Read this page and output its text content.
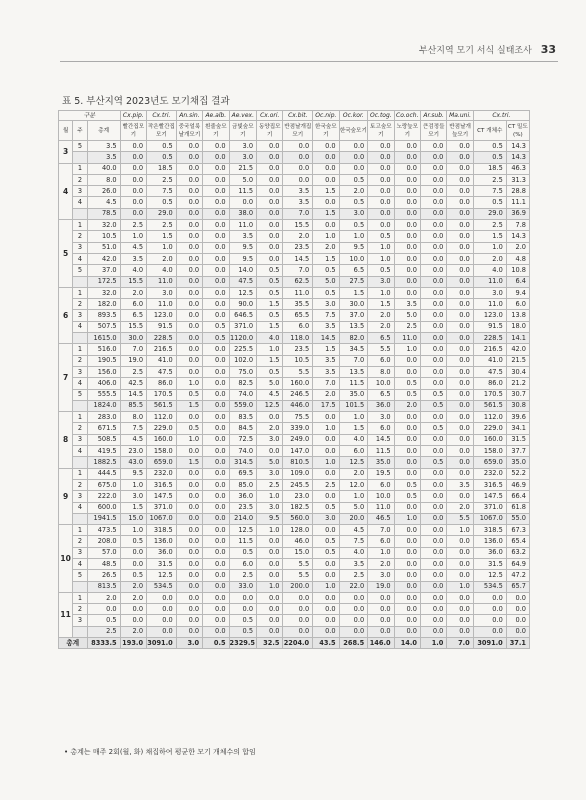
부산지역 모기 서식 실태조사 33
표 5. 부산지역 2023년도 모기채집 결과
구분			Cx.pip.	Cx.tri.	An.sin.	Ae.alb.	Ae.vex.	Cx.ori.	Cx.bit.	Oc.nip.	Oc.kor.	Oc.tog.	Co.och.	Ar.sub.	Ma.uni.	Cx.tri.	
월	주	총계	빨간집모기	작은빨간집모기	중국얼룩날개모기	흰줄숲모기	금빛숲모기	동양집모기	반점날개집모기	한국숲모기	한국숲모기	토고숲모기	노랑늪모기	큰검정들모기	반점날개늪모기	CT 개체수	CT 밀도(%)
3	5	3.5	0.0	0.5	0.0	0.0	3.0	0.0	0.0	0.0	0.0	0.0	0.0	0.0	0.0	0.5	14.3
		3.5	0.0	0.5	0.0	0.0	3.0	0.0	0.0	0.0	0.0	0.0	0.0	0.0	0.0	0.5	14.3
4	1	40.0	0.0	18.5	0.0	0.0	21.5	0.0	0.0	0.0	0.0	0.0	0.0	0.0	0.0	18.5	46.3
	2	8.0	0.0	2.5	0.0	0.0	5.0	0.0	0.0	0.0	0.5	0.0	0.0	0.0	0.0	2.5	31.3
	3	26.0	0.0	7.5	0.0	0.0	11.5	0.0	3.5	1.5	2.0	0.0	0.0	0.0	0.0	7.5	28.8
	4	4.5	0.0	0.5	0.0	0.0	0.0	0.0	3.5	0.0	0.5	0.0	0.0	0.0	0.0	0.5	11.1
		78.5	0.0	29.0	0.0	0.0	38.0	0.0	7.0	1.5	3.0	0.0	0.0	0.0	0.0	29.0	36.9
5	1	32.0	2.5	2.5	0.0	0.0	11.0	0.0	15.5	0.0	0.5	0.0	0.0	0.0	0.0	2.5	7.8
	2	10.5	1.0	1.5	0.0	0.0	3.5	0.0	2.0	1.0	1.0	0.5	0.0	0.0	0.0	1.5	14.3
	3	51.0	4.5	1.0	0.0	0.0	9.5	0.0	23.5	2.0	9.5	1.0	0.0	0.0	0.0	1.0	2.0
	4	42.0	3.5	2.0	0.0	0.0	9.5	0.0	14.5	1.5	10.0	1.0	0.0	0.0	0.0	2.0	4.8
	5	37.0	4.0	4.0	0.0	0.0	14.0	0.5	7.0	0.5	6.5	0.5	0.0	0.0	0.0	4.0	10.8
		172.5	15.5	11.0	0.0	0.0	47.5	0.5	62.5	5.0	27.5	3.0	0.0	0.0	0.0	11.0	6.4
6	1	32.0	2.0	3.0	0.0	0.0	12.5	0.5	11.0	0.5	1.5	1.0	0.0	0.0	0.0	3.0	9.4
	2	182.0	6.0	11.0	0.0	0.0	90.0	1.5	35.5	3.0	30.0	1.5	3.5	0.0	0.0	11.0	6.0
	3	893.5	6.5	123.0	0.0	0.0	646.5	0.5	65.5	7.5	37.0	2.0	5.0	0.0	0.0	123.0	13.8
	4	507.5	15.5	91.5	0.0	0.5	371.0	1.5	6.0	3.5	13.5	2.0	2.5	0.0	0.0	91.5	18.0
		1615.0	30.0	228.5	0.0	0.5	1120.0	4.0	118.0	14.5	82.0	6.5	11.0	0.0	0.0	228.5	14.1
7	1	516.0	7.0	216.5	0.0	0.0	225.5	1.0	23.5	1.5	34.5	5.5	1.0	0.0	0.0	216.5	42.0
	2	190.5	19.0	41.0	0.0	0.0	102.0	1.5	10.5	3.5	7.0	6.0	0.0	0.0	0.0	41.0	21.5
	3	156.0	2.5	47.5	0.0	0.0	75.0	0.5	5.5	3.5	13.5	8.0	0.0	0.0	0.0	47.5	30.4
	4	406.0	42.5	86.0	1.0	0.0	82.5	5.0	160.0	7.0	11.5	10.0	0.5	0.0	0.0	86.0	21.2
	5	555.5	14.5	170.5	0.5	0.0	74.0	4.5	246.5	2.0	35.0	6.5	0.5	0.5	0.0	170.5	30.7
		1824.0	85.5	561.5	1.5	0.0	559.0	12.5	446.0	17.5	101.5	36.0	2.0	0.5	0.0	561.5	30.8
8	1	283.0	8.0	112.0	0.0	0.0	83.5	0.0	75.5	0.0	1.0	3.0	0.0	0.0	0.0	112.0	39.6
	2	671.5	7.5	229.0	0.5	0.0	84.5	2.0	339.0	1.0	1.5	6.0	0.0	0.5	0.0	229.0	34.1
	3	508.5	4.5	160.0	1.0	0.0	72.5	3.0	249.0	0.0	4.0	14.5	0.0	0.0	0.0	160.0	31.5
	4	419.5	23.0	158.0	0.0	0.0	74.0	0.0	147.0	0.0	6.0	11.5	0.0	0.0	0.0	158.0	37.7
		1882.5	43.0	659.0	1.5	0.0	314.5	5.0	810.5	1.0	12.5	35.0	0.0	0.5	0.0	659.0	35.0
9	1	444.5	9.5	232.0	0.0	0.0	69.5	3.0	109.0	0.0	2.0	19.5	0.0	0.0	0.0	232.0	52.2
	2	675.0	1.0	316.5	0.0	0.0	85.0	2.5	245.5	2.5	12.0	6.0	0.5	0.0	3.5	316.5	46.9
	3	222.0	3.0	147.5	0.0	0.0	36.0	1.0	23.0	0.0	1.0	10.0	0.5	0.0	0.0	147.5	66.4
	4	600.0	1.5	371.0	0.0	0.0	23.5	3.0	182.5	0.5	5.0	11.0	0.0	0.0	2.0	371.0	61.8
		1941.5	15.0	1067.0	0.0	0.0	214.0	9.5	560.0	3.0	20.0	46.5	1.0	0.0	5.5	1067.0	55.0
10	1	473.5	1.0	318.5	0.0	0.0	12.5	1.0	128.0	0.0	4.5	7.0	0.0	0.0	1.0	318.5	67.3
	2	208.0	0.5	136.0	0.0	0.0	11.5	0.0	46.0	0.5	7.5	6.0	0.0	0.0	0.0	136.0	65.4
	3	57.0	0.0	36.0	0.0	0.0	0.5	0.0	15.0	0.5	4.0	1.0	0.0	0.0	0.0	36.0	63.2
	4	48.5	0.0	31.5	0.0	0.0	6.0	0.0	5.5	0.0	3.5	2.0	0.0	0.0	0.0	31.5	64.9
	5	26.5	0.5	12.5	0.0	0.0	2.5	0.0	5.5	0.0	2.5	3.0	0.0	0.0	0.0	12.5	47.2
		813.5	2.0	534.5	0.0	0.0	33.0	1.0	200.0	1.0	22.0	19.0	0.0	0.0	1.0	534.5	65.7
11	1	2.0	2.0	0.0	0.0	0.0	0.0	0.0	0.0	0.0	0.0	0.0	0.0	0.0	0.0	0.0	0.0
	2	0.0	0.0	0.0	0.0	0.0	0.0	0.0	0.0	0.0	0.0	0.0	0.0	0.0	0.0	0.0	0.0
	3	0.5	0.0	0.0	0.0	0.0	0.5	0.0	0.0	0.0	0.0	0.0	0.0	0.0	0.0	0.0	0.0
		2.5	2.0	0.0	0.0	0.0	0.5	0.0	0.0	0.0	0.0	0.0	0.0	0.0	0.0	0.0	0.0
총계		8333.5	193.0	3091.0	3.0	0.5	2329.5	32.5	2204.0	43.5	268.5	146.0	14.0	1.0	7.0	3091.0	37.1
• 총계는 매주 2회(월, 화) 채집하여 평균한 모기 개체수의 합임
